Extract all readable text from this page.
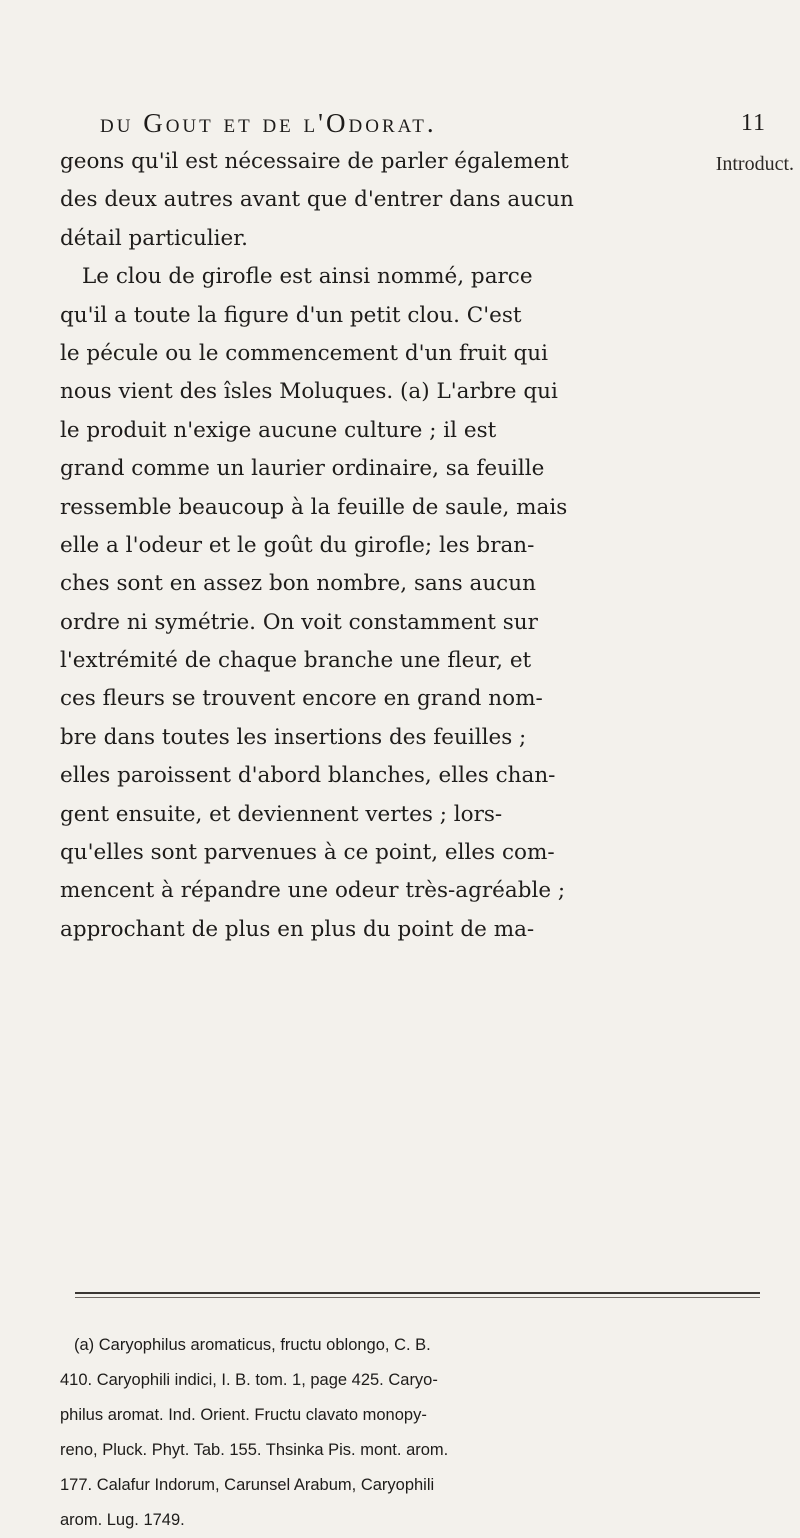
du Gout et de l'Odorat.	11
Introduct.
geons qu'il est nécessaire de parler également
des deux autres avant que d'entrer dans aucun
détail particulier.
Le clou de girofle est ainsi nommé, parce
qu'il a toute la figure d'un petit clou. C'est
le pécule ou le commencement d'un fruit qui
nous vient des îsles Moluques. (a) L'arbre qui
le produit n'exige aucune culture ; il est
grand comme un laurier ordinaire, sa feuille
ressemble beaucoup à la feuille de saule, mais
elle a l'odeur et le goût du girofle; les bran-
ches sont en assez bon nombre, sans aucun
ordre ni symétrie. On voit constamment sur
l'extrémité de chaque branche une fleur, et
ces fleurs se trouvent encore en grand nom-
bre dans toutes les insertions des feuilles ;
elles paroissent d'abord blanches, elles chan-
gent ensuite, et deviennent vertes ; lors-
qu'elles sont parvenues à ce point, elles com-
mencent à répandre une odeur très-agréable ;
approchant de plus en plus du point de ma-
(a) Caryophilus aromaticus, fructu oblongo, C. B.
410. Caryophili indici, I. B. tom. 1, page 425. Caryo-
philus aromat. Ind. Orient. Fructu clavato monopy-
reno, Pluck. Phyt. Tab. 155. Thsinka Pis. mont. arom.
177. Calafur Indorum, Carunsel Arabum, Caryophili
arom. Lug. 1749.
